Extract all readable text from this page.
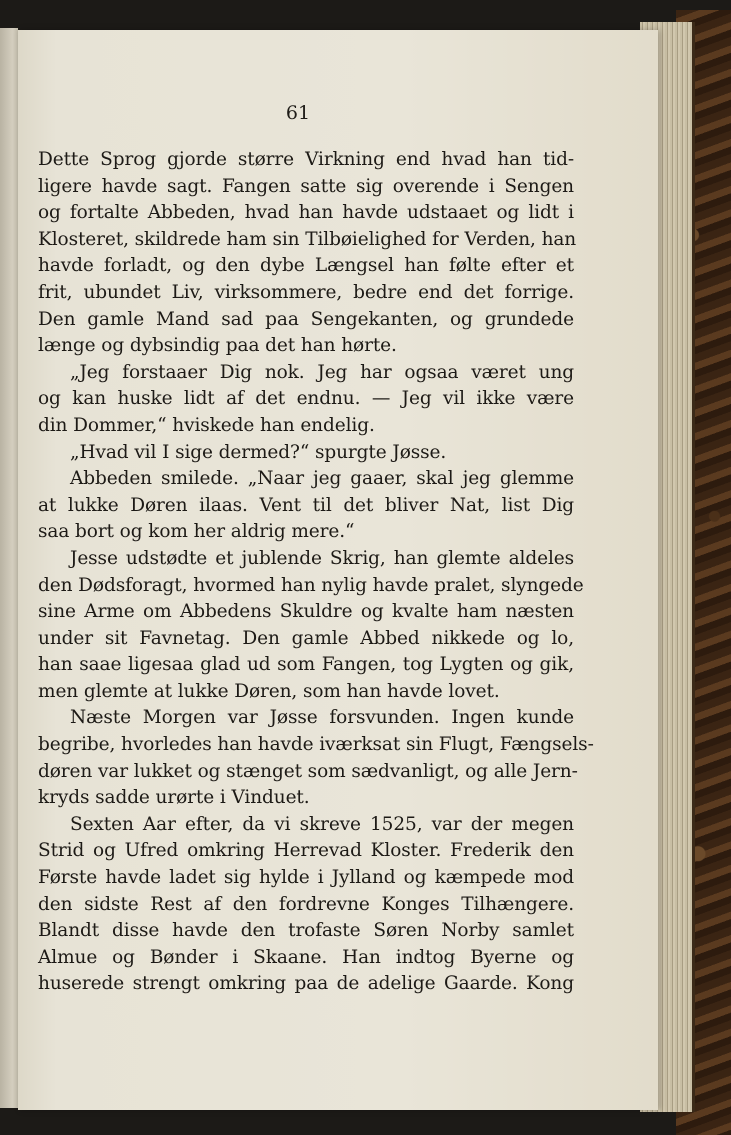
61
Dette Sprog gjorde større Virkning end hvad han tid-
ligere havde sagt. Fangen satte sig overende i Sengen
og fortalte Abbeden, hvad han havde udstaaet og lidt i
Klosteret, skildrede ham sin Tilbøielighed for Verden, han
havde forladt, og den dybe Længsel han følte efter et
frit, ubundet Liv, virksommere, bedre end det forrige.
Den gamle Mand sad paa Sengekanten, og grundede
længe og dybsindig paa det han hørte.
„Jeg forstaaer Dig nok. Jeg har ogsaa været ung
og kan huske lidt af det endnu. — Jeg vil ikke være
din Dommer,“ hviskede han endelig.
„Hvad vil I sige dermed?“ spurgte Jøsse.
Abbeden smilede. „Naar jeg gaaer, skal jeg glemme
at lukke Døren ilaas. Vent til det bliver Nat, list Dig
saa bort og kom her aldrig mere.“
Jesse udstødte et jublende Skrig, han glemte aldeles
den Dødsforagt, hvormed han nylig havde pralet, slyngede
sine Arme om Abbedens Skuldre og kvalte ham næsten
under sit Favnetag. Den gamle Abbed nikkede og lo,
han saae ligesaa glad ud som Fangen, tog Lygten og gik,
men glemte at lukke Døren, som han havde lovet.
Næste Morgen var Jøsse forsvunden. Ingen kunde
begribe, hvorledes han havde iværksat sin Flugt, Fængsels-
døren var lukket og stænget som sædvanligt, og alle Jern-
kryds sadde urørte i Vinduet.
Sexten Aar efter, da vi skreve 1525, var der megen
Strid og Ufred omkring Herrevad Kloster. Frederik den
Første havde ladet sig hylde i Jylland og kæmpede mod
den sidste Rest af den fordrevne Konges Tilhængere.
Blandt disse havde den trofaste Søren Norby samlet
Almue og Bønder i Skaane. Han indtog Byerne og
huserede strengt omkring paa de adelige Gaarde. Kong
